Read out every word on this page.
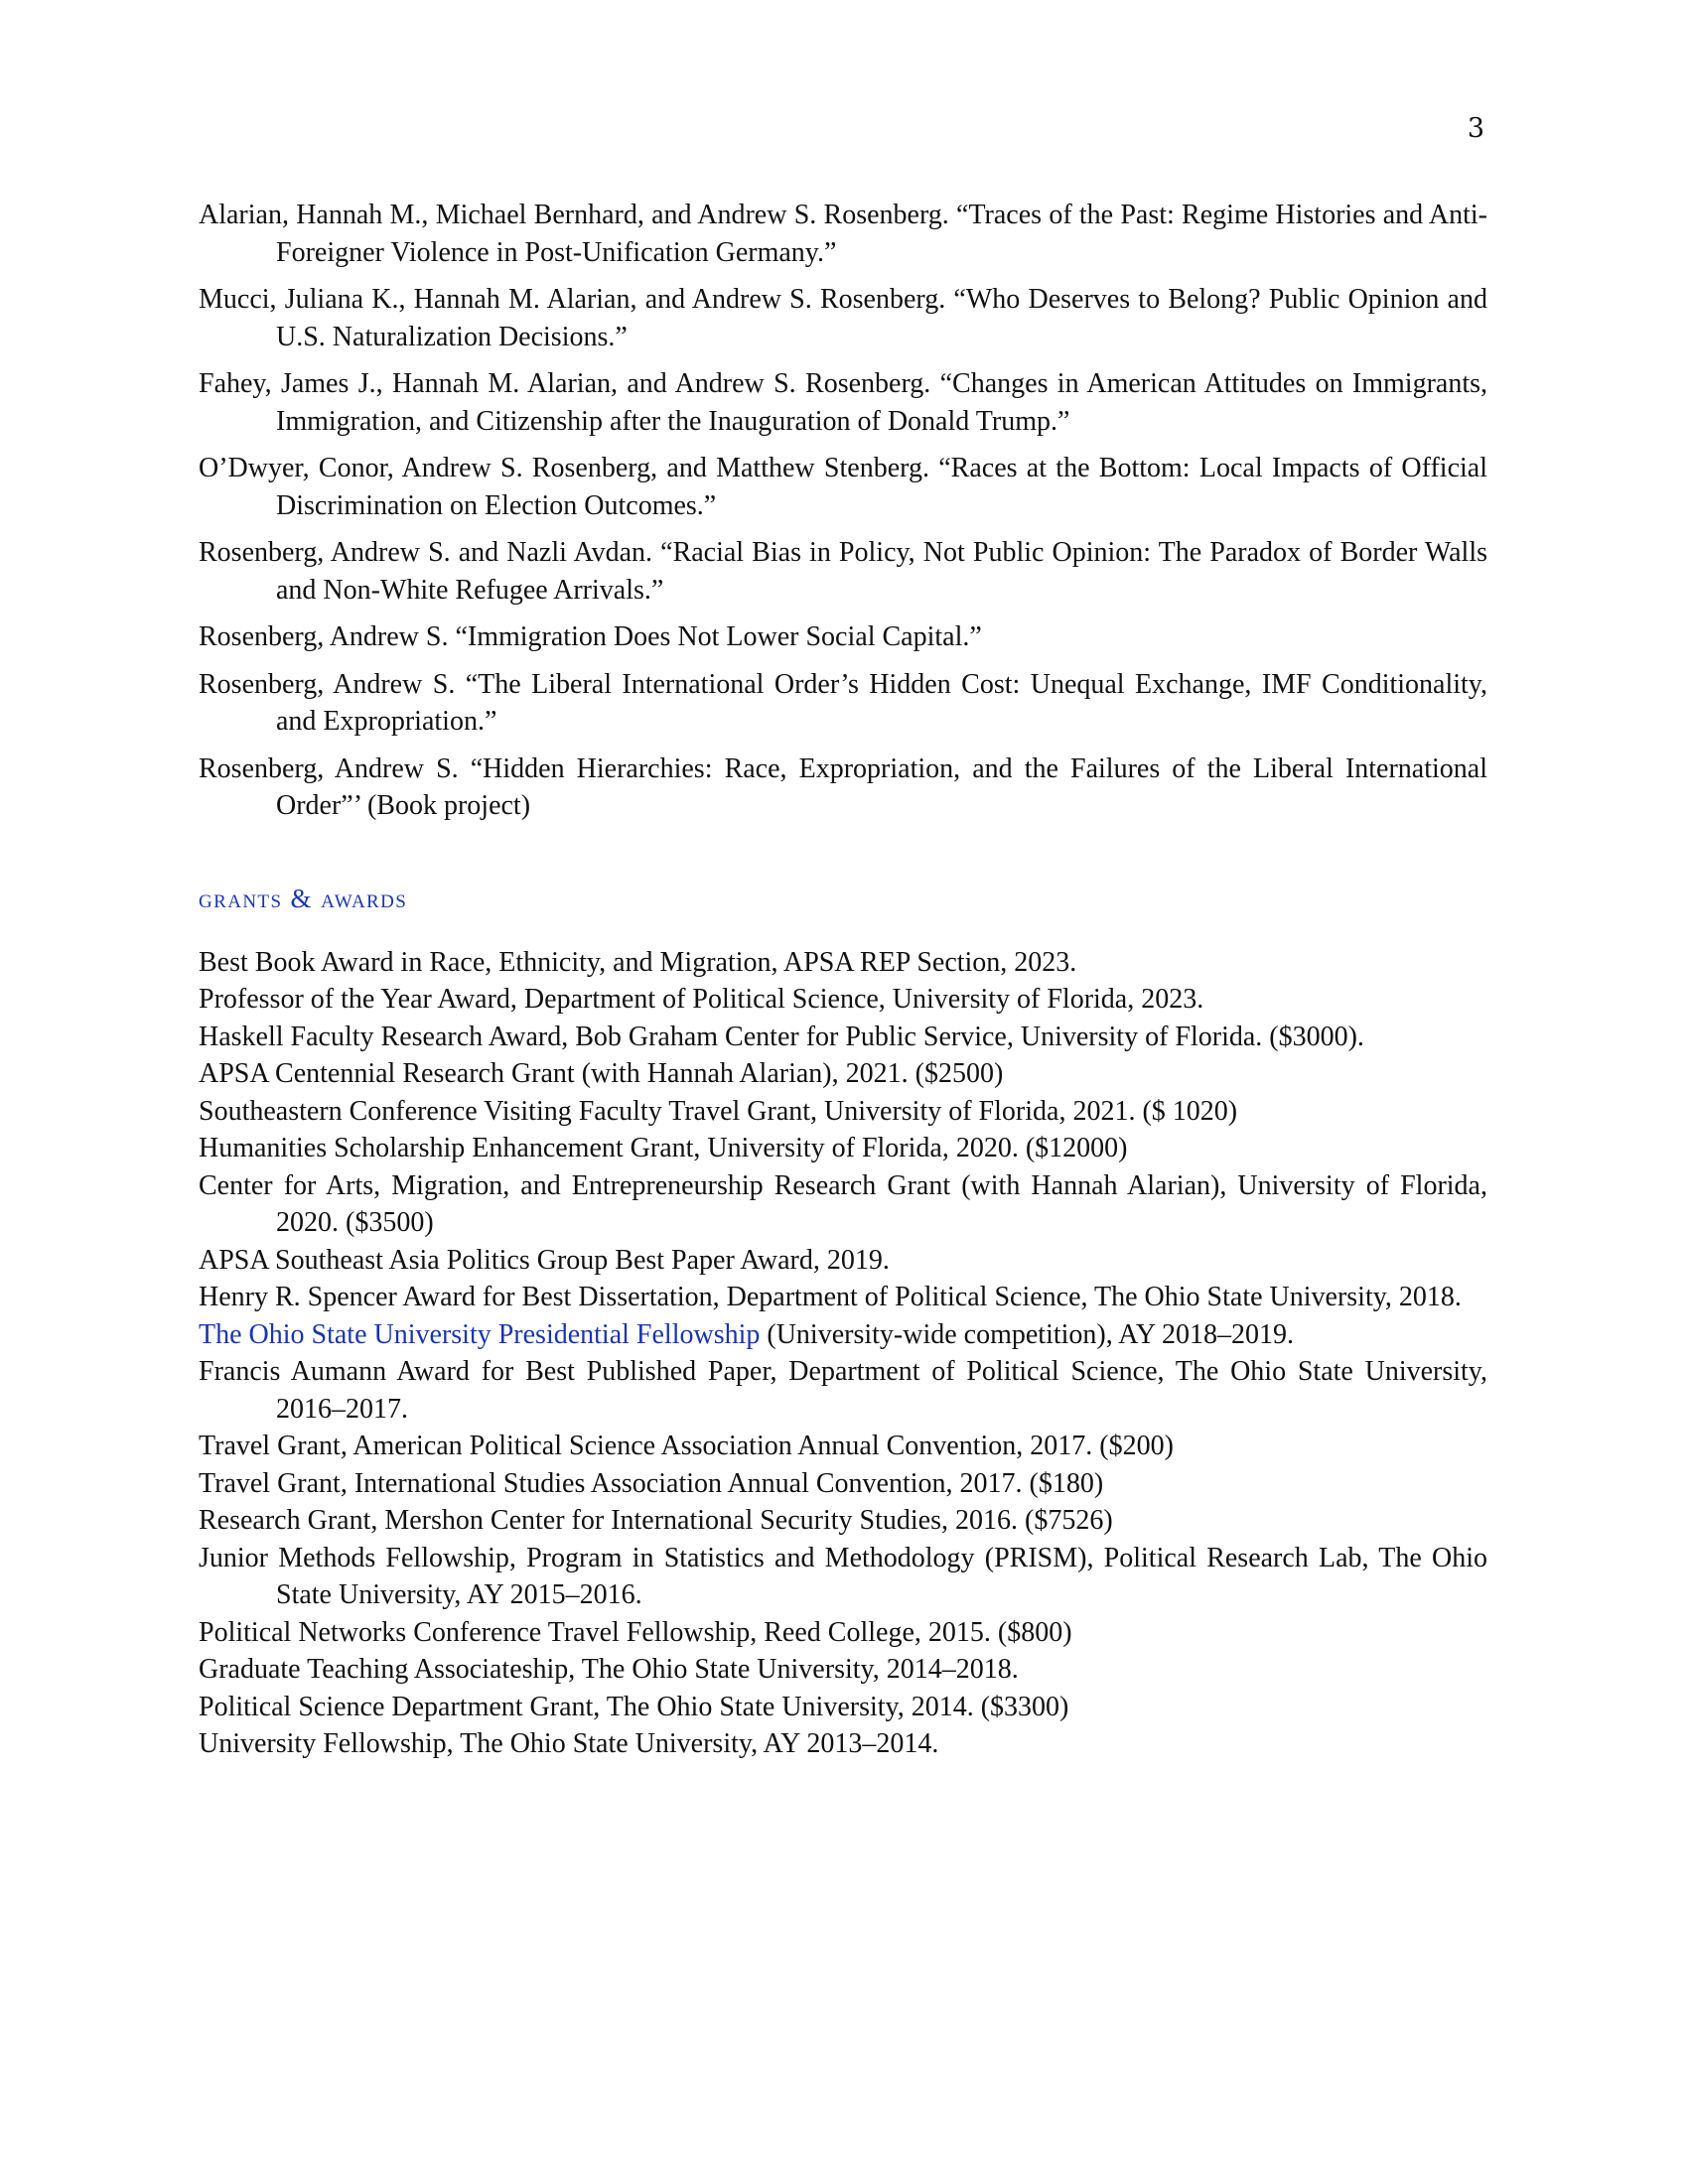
3

Alarian, Hannah M., Michael Bernhard, and Andrew S. Rosenberg. “Traces of the Past: Regime Histories and Anti-Foreigner Violence in Post-Unification Germany.”

Mucci, Juliana K., Hannah M. Alarian, and Andrew S. Rosenberg. “Who Deserves to Belong? Public Opinion and U.S. Naturalization Decisions.”

Fahey, James J., Hannah M. Alarian, and Andrew S. Rosenberg. “Changes in American Attitudes on Immigrants, Immigration, and Citizenship after the Inauguration of Donald Trump.”

O’Dwyer, Conor, Andrew S. Rosenberg, and Matthew Stenberg. “Races at the Bottom: Local Impacts of Official Discrimination on Election Outcomes.”

Rosenberg, Andrew S. and Nazli Avdan. “Racial Bias in Policy, Not Public Opinion: The Paradox of Border Walls and Non-White Refugee Arrivals.”

Rosenberg, Andrew S. “Immigration Does Not Lower Social Capital.”

Rosenberg, Andrew S. “The Liberal International Order’s Hidden Cost: Unequal Exchange, IMF Conditionality, and Expropriation.”

Rosenberg, Andrew S. “Hidden Hierarchies: Race, Expropriation, and the Failures of the Liberal International Order”’ (Book project)

grants & awards

Best Book Award in Race, Ethnicity, and Migration, APSA REP Section, 2023.

Professor of the Year Award, Department of Political Science, University of Florida, 2023.

Haskell Faculty Research Award, Bob Graham Center for Public Service, University of Florida. ($3000).

APSA Centennial Research Grant (with Hannah Alarian), 2021. ($2500)

Southeastern Conference Visiting Faculty Travel Grant, University of Florida, 2021. ($ 1020)

Humanities Scholarship Enhancement Grant, University of Florida, 2020. ($12000)

Center for Arts, Migration, and Entrepreneurship Research Grant (with Hannah Alarian), University of Florida, 2020. ($3500)

APSA Southeast Asia Politics Group Best Paper Award, 2019.

Henry R. Spencer Award for Best Dissertation, Department of Political Science, The Ohio State University, 2018.

The Ohio State University Presidential Fellowship (University-wide competition), AY 2018–2019.

Francis Aumann Award for Best Published Paper, Department of Political Science, The Ohio State University, 2016–2017.

Travel Grant, American Political Science Association Annual Convention, 2017. ($200)

Travel Grant, International Studies Association Annual Convention, 2017. ($180)

Research Grant, Mershon Center for International Security Studies, 2016. ($7526)

Junior Methods Fellowship, Program in Statistics and Methodology (PRISM), Political Research Lab, The Ohio State University, AY 2015–2016.

Political Networks Conference Travel Fellowship, Reed College, 2015. ($800)

Graduate Teaching Associateship, The Ohio State University, 2014–2018.

Political Science Department Grant, The Ohio State University, 2014. ($3300)

University Fellowship, The Ohio State University, AY 2013–2014.
